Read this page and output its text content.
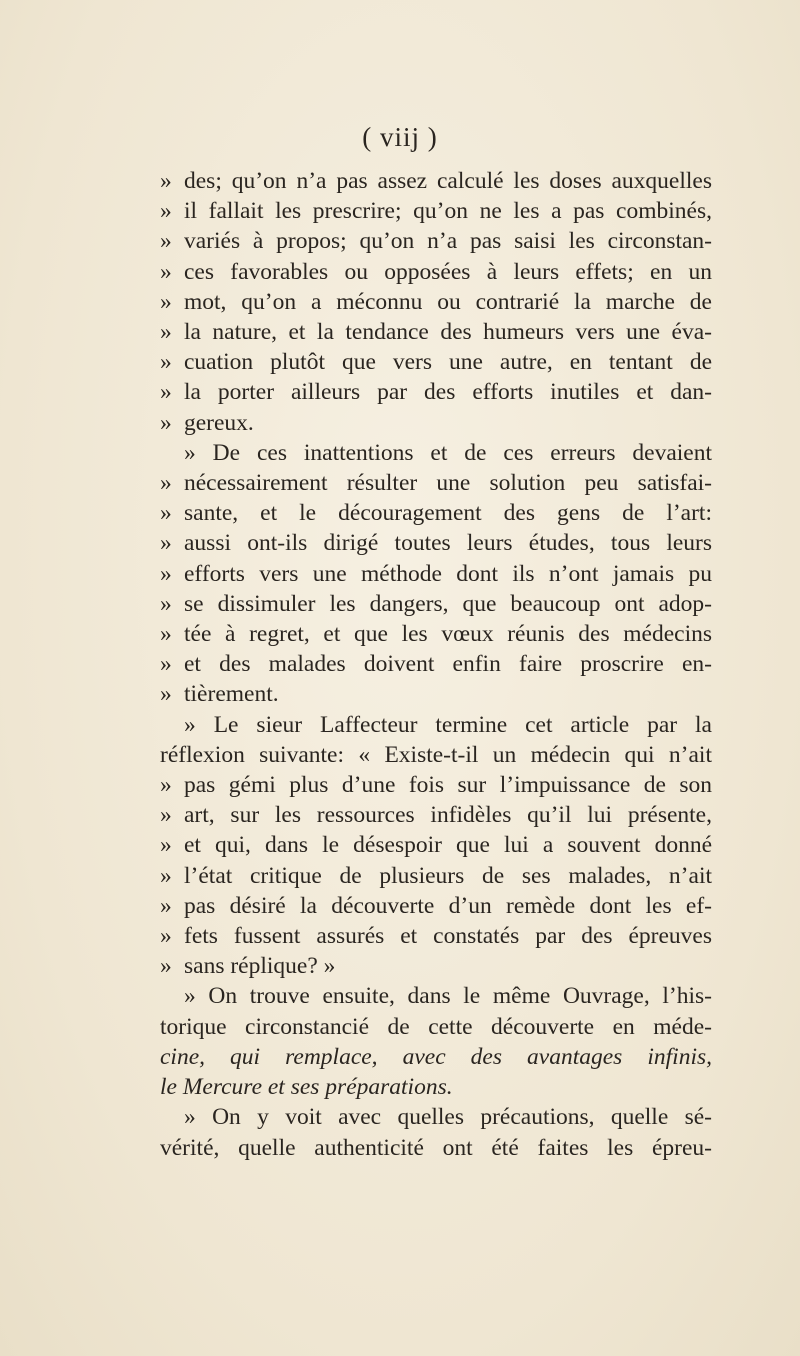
( viij )
» des; qu’on n’a pas assez calculé les doses auxquelles
» il fallait les prescrire; qu’on ne les a pas combinés,
» variés à propos; qu’on n’a pas saisi les circonstan-
» ces favorables ou opposées à leurs effets; en un
» mot, qu’on a méconnu ou contrarié la marche de
» la nature, et la tendance des humeurs vers une éva-
» cuation plutôt que vers une autre, en tentant de
» la porter ailleurs par des efforts inutiles et dan-
» gereux.
» De ces inattentions et de ces erreurs devaient
» nécessairement résulter une solution peu satisfai-
» sante, et le découragement des gens de l’art:
» aussi ont-ils dirigé toutes leurs études, tous leurs
» efforts vers une méthode dont ils n’ont jamais pu
» se dissimuler les dangers, que beaucoup ont adop-
» tée à regret, et que les vœux réunis des médecins
» et des malades doivent enfin faire proscrire en-
» tièrement.
» Le sieur Laffecteur termine cet article par la
réflexion suivante: « Existe-t-il un médecin qui n’ait
» pas gémi plus d’une fois sur l’impuissance de son
» art, sur les ressources infidèles qu’il lui présente,
» et qui, dans le désespoir que lui a souvent donné
» l’état critique de plusieurs de ses malades, n’ait
» pas désiré la découverte d’un remède dont les ef-
» fets fussent assurés et constatés par des épreuves
» sans réplique? »
» On trouve ensuite, dans le même Ouvrage, l’his-
torique circonstancié de cette découverte en méde-
cine, qui remplace, avec des avantages infinis,
le Mercure et ses préparations.
» On y voit avec quelles précautions, quelle sé-
vérité, quelle authenticité ont été faites les épreu-
